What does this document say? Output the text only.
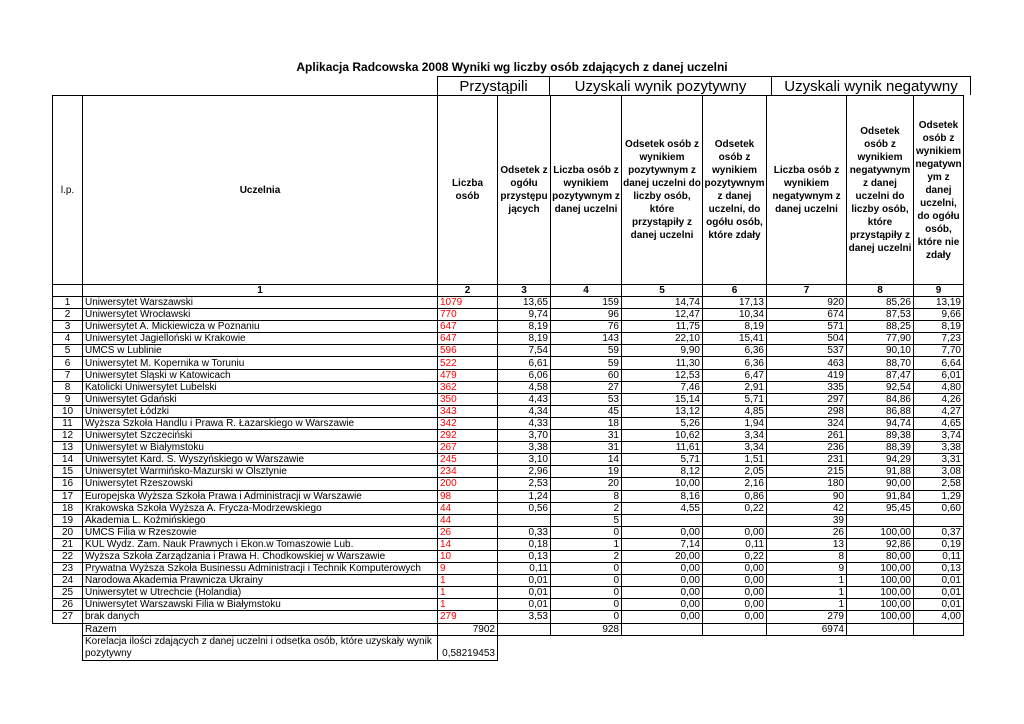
Aplikacja Radcowska 2008 Wyniki wg liczby osób zdających z danej uczelni
Przystąpili	Uzyskali wynik pozytywny	Uzyskali wynik negatywny
l.p.	Uczelnia	Liczba osób	Odsetek z ogółu przystępu jących	Liczba osób z wynikiem pozytywnym z danej uczelni	Odsetek osób z wynikiem pozytywnym z danej uczelni do liczby osób, które przystąpiły z danej uczelni	Odsetek osób z wynikiem pozytywnym z danej uczelni, do ogółu osób, które zdały	Liczba osób z wynikiem negatywnym z danej uczelni	Odsetek osób z wynikiem negatywnym z danej uczelni do liczby osób, które przystąpiły z danej uczelni	Odsetek osób z wynikiem negatywn ym z danej uczelni, do ogółu osób, które nie zdały
	1	2	3	4	5	6	7	8	9
1	Uniwersytet Warszawski	1079	13,65	159	14,74	17,13	920	85,26	13,19
2	Uniwersytet Wrocławski	770	9,74	96	12,47	10,34	674	87,53	9,66
3	Uniwersytet A. Mickiewicza w Poznaniu	647	8,19	76	11,75	8,19	571	88,25	8,19
4	Uniwersytet Jagielloński w Krakowie	647	8,19	143	22,10	15,41	504	77,90	7,23
5	UMCS w Lublinie	596	7,54	59	9,90	6,36	537	90,10	7,70
6	Uniwersytet M. Kopernika w Toruniu	522	6,61	59	11,30	6,36	463	88,70	6,64
7	Uniwersytet Śląski w Katowicach	479	6,06	60	12,53	6,47	419	87,47	6,01
8	Katolicki Uniwersytet Lubelski	362	4,58	27	7,46	2,91	335	92,54	4,80
9	Uniwersytet Gdański	350	4,43	53	15,14	5,71	297	84,86	4,26
10	Uniwersytet Łódzki	343	4,34	45	13,12	4,85	298	86,88	4,27
11	Wyższa Szkoła Handlu i Prawa R. Łazarskiego w Warszawie	342	4,33	18	5,26	1,94	324	94,74	4,65
12	Uniwersytet Szczeciński	292	3,70	31	10,62	3,34	261	89,38	3,74
13	Uniwersytet w Białymstoku	267	3,38	31	11,61	3,34	236	88,39	3,38
14	Uniwersytet Kard. S. Wyszyńskiego w Warszawie	245	3,10	14	5,71	1,51	231	94,29	3,31
15	Uniwersytet Warmińsko-Mazurski w Olsztynie	234	2,96	19	8,12	2,05	215	91,88	3,08
16	Uniwersytet Rzeszowski	200	2,53	20	10,00	2,16	180	90,00	2,58
17	Europejska Wyższa Szkoła Prawa i Administracji w Warszawie	98	1,24	8	8,16	0,86	90	91,84	1,29
18	Krakowska Szkoła Wyższa A. Frycza-Modrzewskiego	44	0,56	2	4,55	0,22	42	95,45	0,60
19	Akademia L. Koźmińskiego	44		5			39		
20	UMCS Filia w Rzeszowie	26	0,33	0	0,00	0,00	26	100,00	0,37
21	KUL Wydz. Zam. Nauk Prawnych i Ekon.w Tomaszowie Lub.	14	0,18	1	7,14	0,11	13	92,86	0,19
22	Wyższa Szkoła Zarządzania i Prawa H. Chodkowskiej w Warszawie	10	0,13	2	20,00	0,22	8	80,00	0,11
23	Prywatna Wyższa Szkoła Businessu Administracji i Technik Komputerowych	9	0,11	0	0,00	0,00	9	100,00	0,13
24	Narodowa Akademia Prawnicza Ukrainy	1	0,01	0	0,00	0,00	1	100,00	0,01
25	Uniwersytet w Utrechcie (Holandia)	1	0,01	0	0,00	0,00	1	100,00	0,01
26	Uniwersytet Warszawski Filia w Białymstoku	1	0,01	0	0,00	0,00	1	100,00	0,01
27	brak danych	279	3,53	0	0,00	0,00	279	100,00	4,00
	Razem	7902		928			6974		
	Korelacja ilości zdających z danej uczelni i odsetka osób, które uzyskały wynik pozytywny	0,58219453							
